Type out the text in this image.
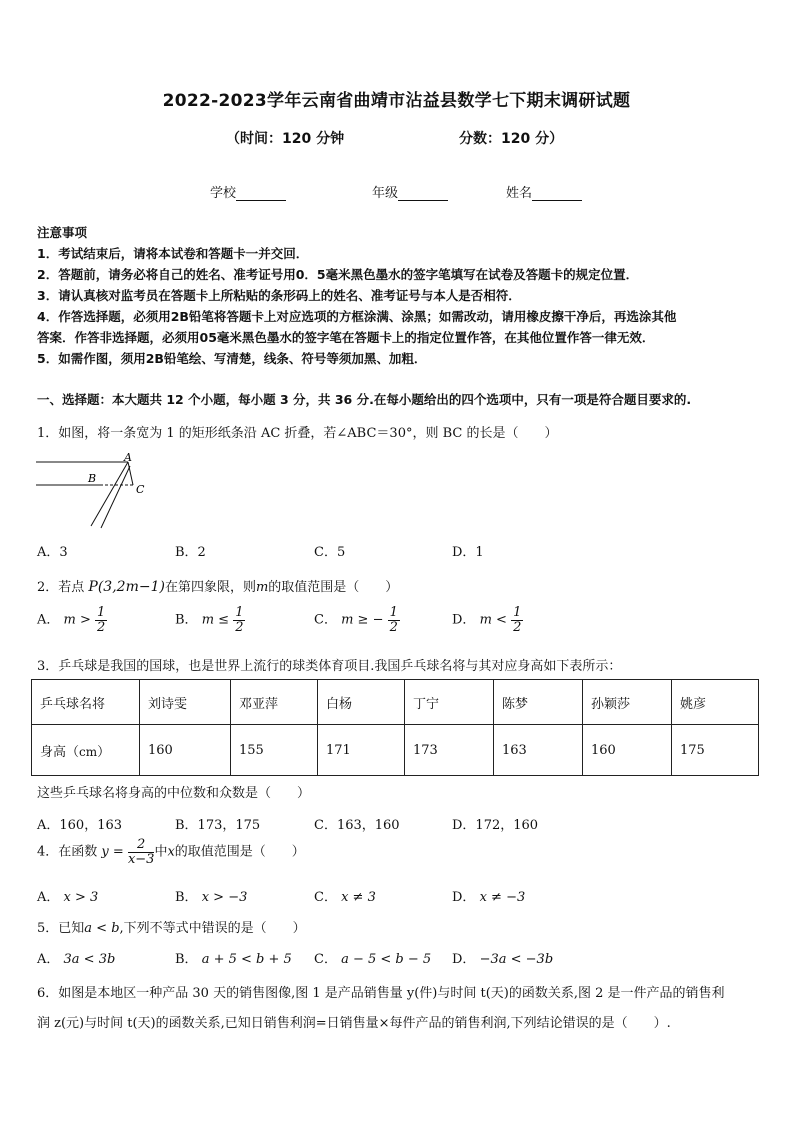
2022-2023学年云南省曲靖市沾益县数学七下期末调研试题
（时间：120 分钟	分数：120 分）
学校	年级	姓名
注意事项
1．考试结束后，请将本试卷和答题卡一并交回．
2．答题前，请务必将自己的姓名、准考证号用0．5毫米黑色墨水的签字笔填写在试卷及答题卡的规定位置．
3．请认真核对监考员在答题卡上所粘贴的条形码上的姓名、准考证号与本人是否相符．
4．作答选择题，必须用2B铅笔将答题卡上对应选项的方框涂满、涂黑；如需改动，请用橡皮擦干净后，再选涂其他
答案．作答非选择题，必须用05毫米黑色墨水的签字笔在答题卡上的指定位置作答，在其他位置作答一律无效．
5．如需作图，须用2B铅笔绘、写清楚，线条、符号等须加黑、加粗．
一、选择题：本大题共 12 个小题，每小题 3 分，共 36 分.在每小题给出的四个选项中，只有一项是符合题目要求的.
1．如图，将一条宽为 1 的矩形纸条沿 AC 折叠，若∠ABC＝30°，则 BC 的长是（　　）
A
B
C
A．3	B．2	C．5	D．1
2．若点 P(3,2m−1)在第四象限，则m的取值范围是（　　）
A． $m > \frac{1}{2}$	B． $m \le \frac{1}{2}$	C． m ≥ − $\frac{1}{2}$	D． $m < \frac{1}{2}$
3．乒乓球是我国的国球，也是世界上流行的球类体育项目.我国乒乓球名将与其对应身高如下表所示：
乒乓球名将	刘诗雯	邓亚萍	白杨	丁宁	陈梦	孙颖莎	姚彦
身高（cm）	160	155	171	173	163	160	175
这些乒乓球名将身高的中位数和众数是（　　）
A．160，163	B．173，175	C．163，160	D．172，160
4．在函数 $y = \frac{2}{x-3}$ 中x的取值范围是（　　）
A． x > 3	B． x > −3	C． x ≠ 3	D． x ≠ −3
5．已知a < b,下列不等式中错误的是（　　）
A． 3a < 3b	B． a + 5 < b + 5 C． a − 5 < b − 5 D． −3a < −3b
6．如图是本地区一种产品 30 天的销售图像,图 1 是产品销售量 y(件)与时间 t(天)的函数关系,图 2 是一件产品的销售利
润 z(元)与时间 t(天)的函数关系,已知日销售利润=日销售量×每件产品的销售利润,下列结论错误的是（　　）.
